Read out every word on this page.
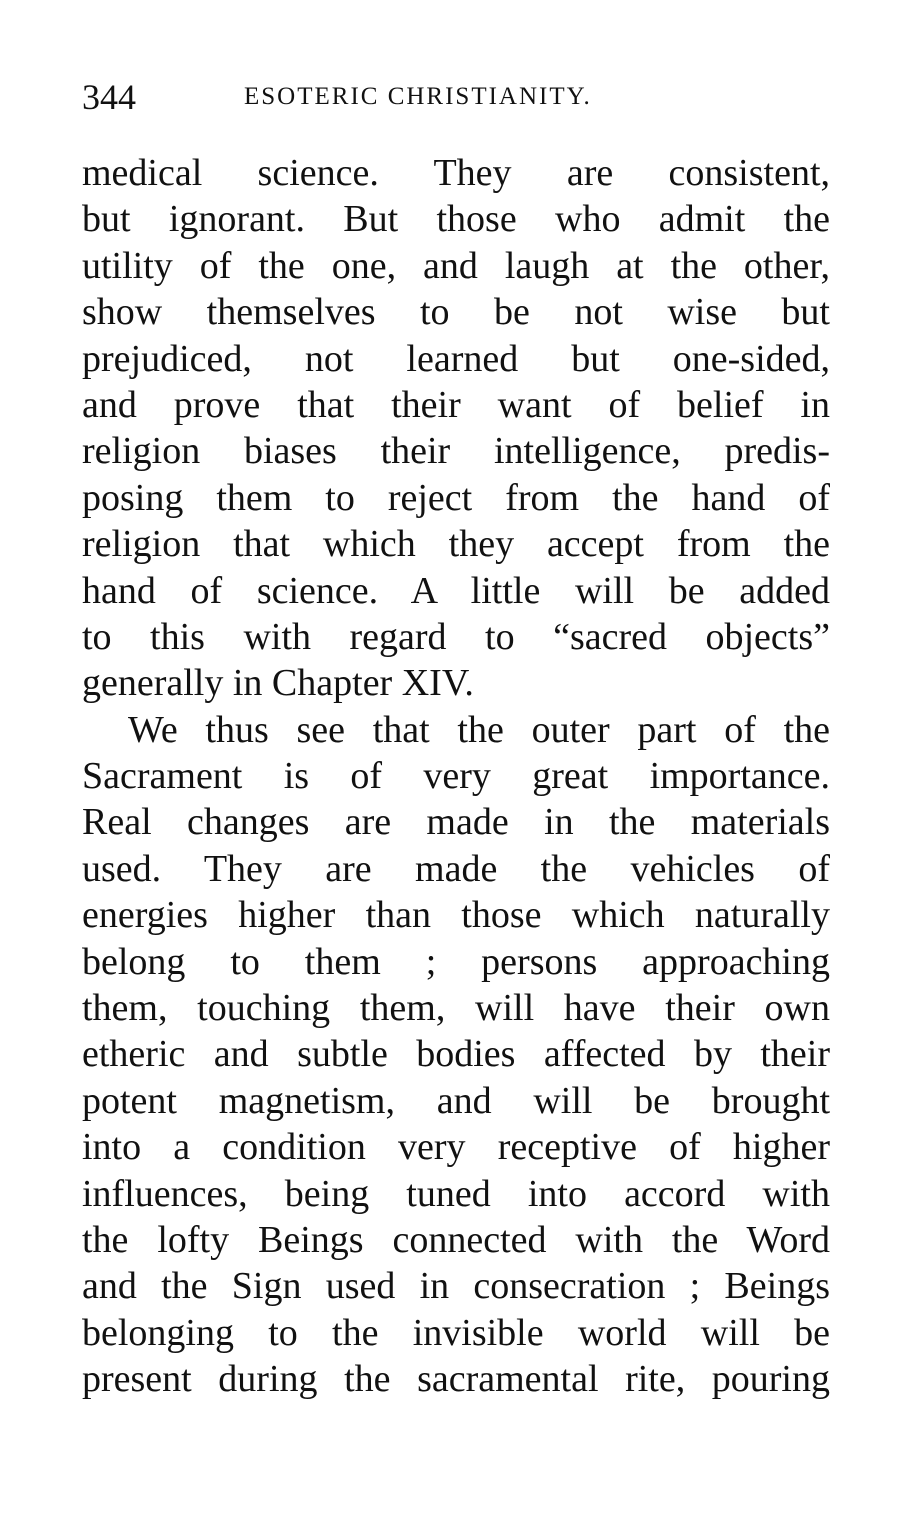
344	ESOTERIC CHRISTIANITY.
medical science. They are consistent,
but ignorant. But those who admit the
utility of the one, and laugh at the other,
show themselves to be not wise but
prejudiced, not learned but one-sided,
and prove that their want of belief in
religion biases their intelligence, predis-
posing them to reject from the hand of
religion that which they accept from the
hand of science. A little will be added
to this with regard to “sacred objects”
generally in Chapter XIV.
We thus see that the outer part of the
Sacrament is of very great importance.
Real changes are made in the materials
used. They are made the vehicles of
energies higher than those which naturally
belong to them ; persons approaching
them, touching them, will have their own
etheric and subtle bodies affected by their
potent magnetism, and will be brought
into a condition very receptive of higher
influences, being tuned into accord with
the lofty Beings connected with the Word
and the Sign used in consecration ; Beings
belonging to the invisible world will be
present during the sacramental rite, pouring
